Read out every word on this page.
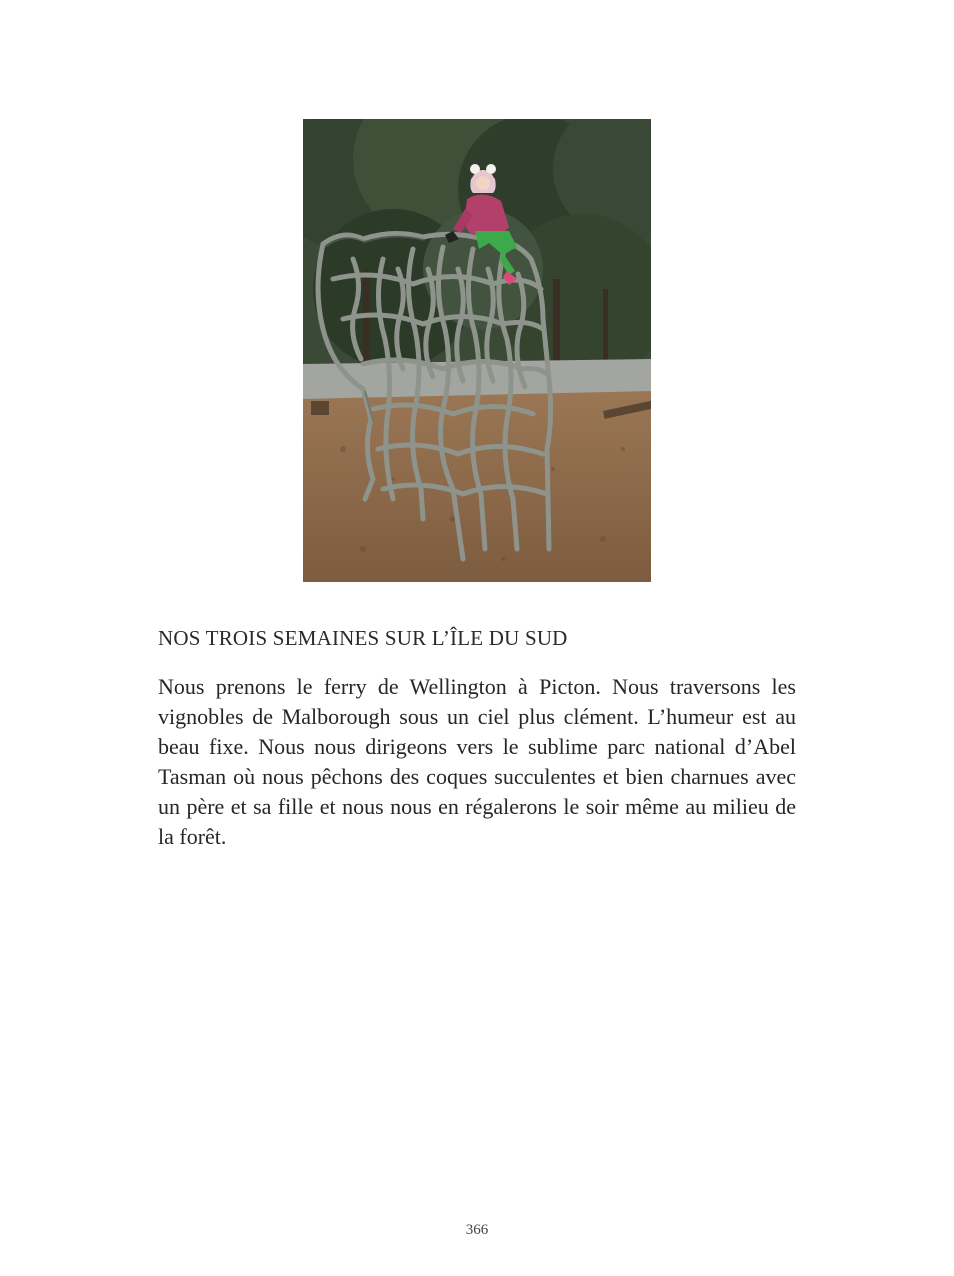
NOS TROIS SEMAINES SUR L’ÎLE DU SUD

Nous prenons le ferry de Wellington à Picton. Nous traversons les vignobles de Malborough sous un ciel plus clément. L’humeur est au beau fixe. Nous nous dirigeons vers le sublime parc national d’Abel Tasman où nous pêchons des coques succulentes et bien charnues avec un père et sa fille et nous nous en régalerons le soir même au milieu de la forêt.

366
